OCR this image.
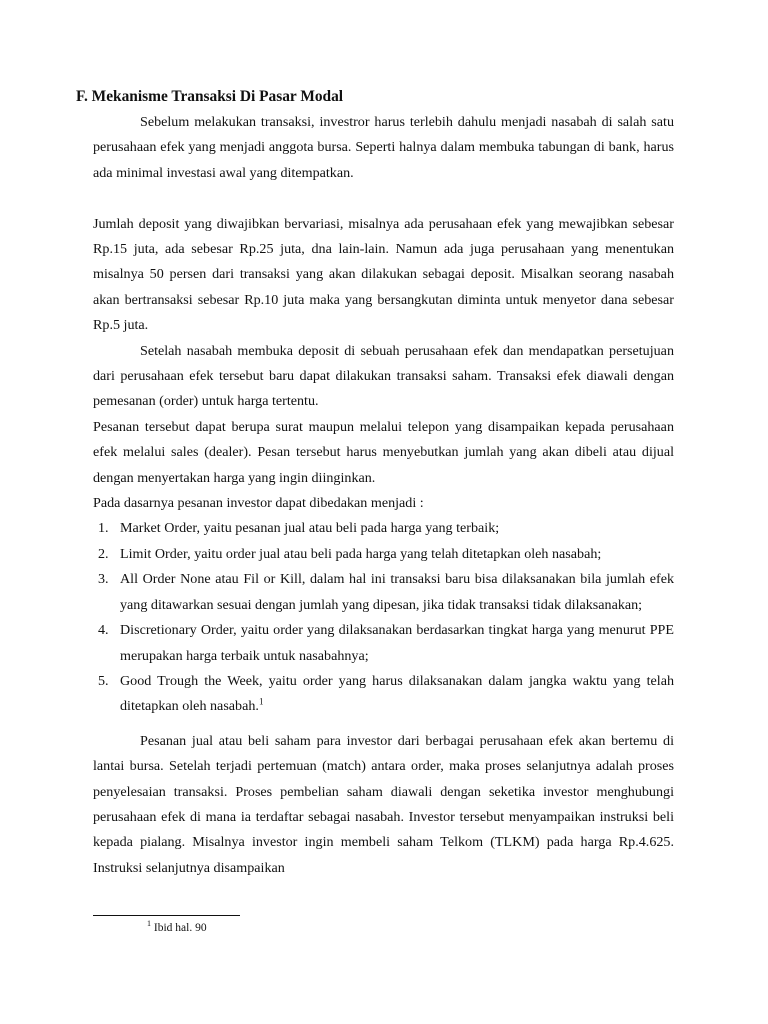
F. Mekanisme Transaksi Di Pasar Modal

Sebelum melakukan transaksi, investror harus terlebih dahulu menjadi nasabah di salah satu perusahaan efek yang menjadi anggota bursa. Seperti halnya dalam membuka tabungan di bank, harus ada minimal investasi awal yang ditempatkan.

Jumlah deposit yang diwajibkan bervariasi, misalnya ada perusahaan efek yang mewajibkan sebesar Rp.15 juta, ada sebesar Rp.25 juta, dna lain-lain. Namun ada juga perusahaan yang menentukan misalnya 50 persen dari transaksi yang akan dilakukan sebagai deposit. Misalkan seorang nasabah akan bertransaksi sebesar Rp.10 juta maka yang bersangkutan diminta untuk menyetor dana sebesar Rp.5 juta.

Setelah nasabah membuka deposit di sebuah perusahaan efek dan mendapatkan persetujuan dari perusahaan efek tersebut baru dapat dilakukan transaksi saham. Transaksi efek diawali dengan pemesanan (order) untuk harga tertentu.

Pesanan tersebut dapat berupa surat maupun melalui telepon yang disampaikan kepada perusahaan efek melalui sales (dealer). Pesan tersebut harus menyebutkan jumlah yang akan dibeli atau dijual dengan menyertakan harga yang ingin diinginkan.

Pada dasarnya pesanan investor dapat dibedakan menjadi :

1. Market Order, yaitu pesanan jual atau beli pada harga yang terbaik;
2. Limit Order, yaitu order jual atau beli pada harga yang telah ditetapkan oleh nasabah;
3. All Order None atau Fil or Kill, dalam hal ini transaksi baru bisa dilaksanakan bila jumlah efek yang ditawarkan sesuai dengan jumlah yang dipesan, jika tidak transaksi tidak dilaksanakan;
4. Discretionary Order, yaitu order yang dilaksanakan berdasarkan tingkat harga yang menurut PPE merupakan harga terbaik untuk nasabahnya;
5. Good Trough the Week, yaitu order yang harus dilaksanakan dalam jangka waktu yang telah ditetapkan oleh nasabah.$^1$

Pesanan jual atau beli saham para investor dari berbagai perusahaan efek akan bertemu di lantai bursa. Setelah terjadi pertemuan (match) antara order, maka proses selanjutnya adalah proses penyelesaian transaksi. Proses pembelian saham diawali dengan seketika investor menghubungi perusahaan efek di mana ia terdaftar sebagai nasabah. Investor tersebut menyampaikan instruksi beli kepada pialang. Misalnya investor ingin membeli saham Telkom (TLKM) pada harga Rp.4.625. Instruksi selanjutnya disampaikan

$^1$ Ibid hal. 90
